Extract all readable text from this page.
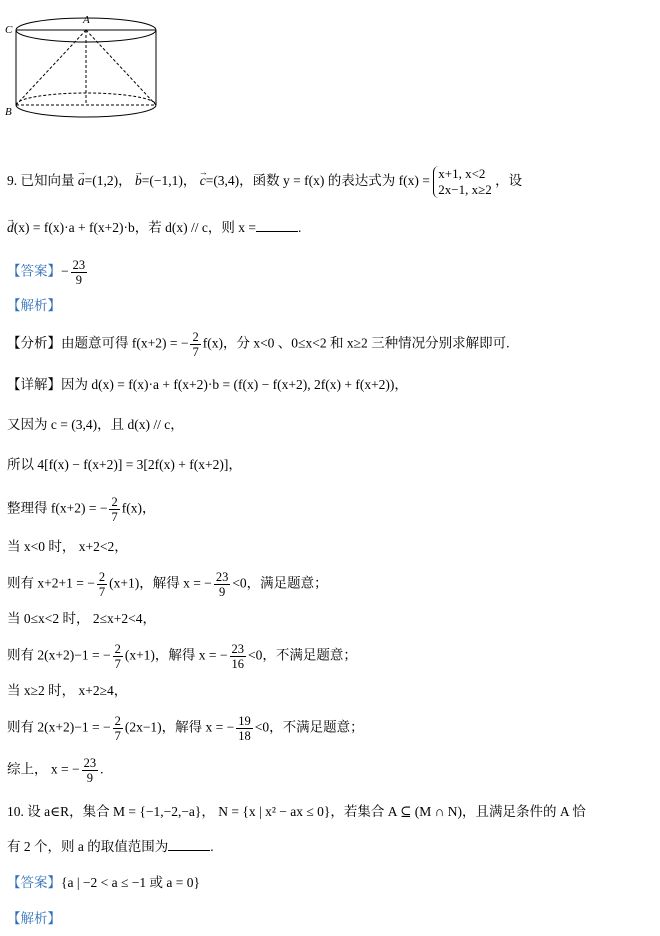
A
C
B
9. 已知向量 → a=(1,2)， → b=(−1,1)， → c=(3,4)，函数 y = f(x) 的表达式为 f(x) = x+1, x<2
2x−1, x≥2
，设
→ d(x) = f(x)·a + f(x+2)·b，若 d(x) // c，则 x =	.
【答案】− $\frac{23}{9}$
【解析】
【分析】由题意可得 f(x+2) = − $\frac{2}{7} f(x)$，分 x<0 、0≤x<2 和 x≥2 三种情况分别求解即可.
【详解】因为 d(x) = f(x)·a + f(x+2)·b = (f(x) − f(x+2), 2f(x) + f(x+2))，
又因为 c = (3,4)，且 d(x) // c，
所以 4[f(x) − f(x+2)] = 3[2f(x) + f(x+2)]，
整理得 f(x+2) = − $\frac{2}{7} f(x)$，
当 x<0 时， x+2<2，
则有 x+2+1 = − $\frac{2}{7} (x+1)$，解得 x = − $\frac{23}{9} <0$，满足题意；
当 0≤x<2 时， 2≤x+2<4，
则有 2(x+2)−1 = − $\frac{2}{7} (x+1)$，解得 x = − $\frac{23}{16} <0$，不满足题意；
当 x≥2 时， x+2≥4，
则有 2(x+2)−1 = − $\frac{2}{7} (2x-1)$，解得 x = − $\frac{19}{18} <0$，不满足题意；
综上， x = − $\frac{23}{9}$ .
10. 设 a∈R，集合 M = {−1,−2,−a}， N = {x | x² − ax ≤ 0}，若集合 A ⊆ (M ∩ N)，且满足条件的 A 恰
有 2 个，则 a 的取值范围为	.
【答案】{a | −2 < a ≤ −1 或 a = 0}
【解析】
